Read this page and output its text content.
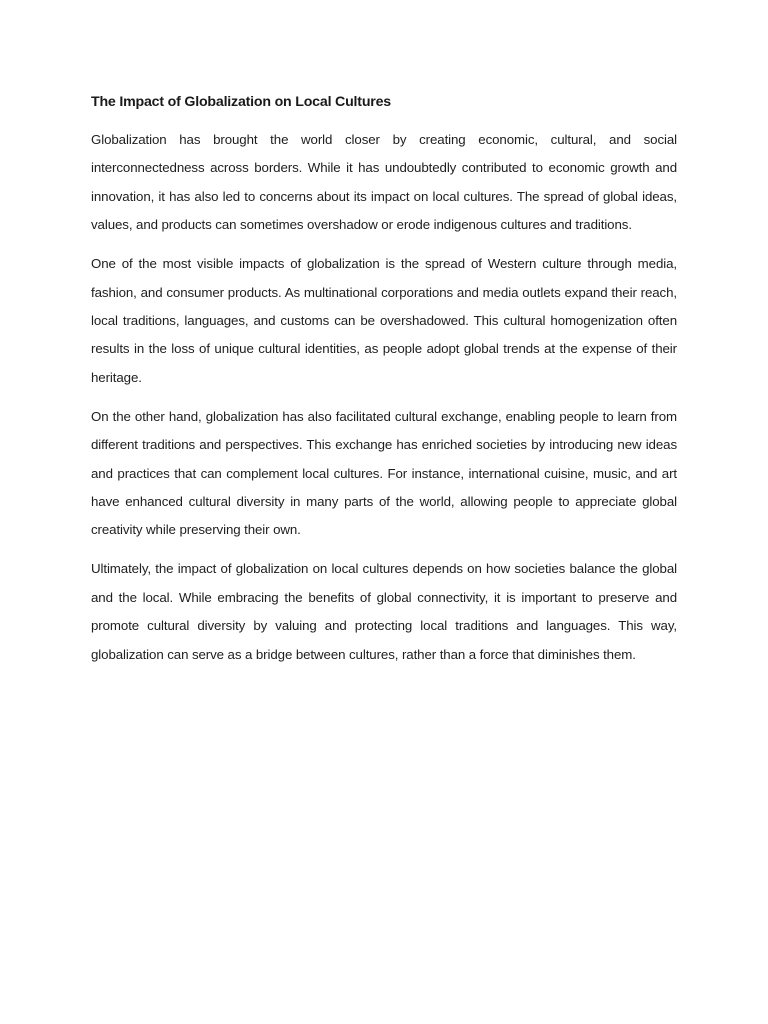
The Impact of Globalization on Local Cultures

Globalization has brought the world closer by creating economic, cultural, and social interconnectedness across borders. While it has undoubtedly contributed to economic growth and innovation, it has also led to concerns about its impact on local cultures. The spread of global ideas, values, and products can sometimes overshadow or erode indigenous cultures and traditions.

One of the most visible impacts of globalization is the spread of Western culture through media, fashion, and consumer products. As multinational corporations and media outlets expand their reach, local traditions, languages, and customs can be overshadowed. This cultural homogenization often results in the loss of unique cultural identities, as people adopt global trends at the expense of their heritage.

On the other hand, globalization has also facilitated cultural exchange, enabling people to learn from different traditions and perspectives. This exchange has enriched societies by introducing new ideas and practices that can complement local cultures. For instance, international cuisine, music, and art have enhanced cultural diversity in many parts of the world, allowing people to appreciate global creativity while preserving their own.

Ultimately, the impact of globalization on local cultures depends on how societies balance the global and the local. While embracing the benefits of global connectivity, it is important to preserve and promote cultural diversity by valuing and protecting local traditions and languages. This way, globalization can serve as a bridge between cultures, rather than a force that diminishes them.
